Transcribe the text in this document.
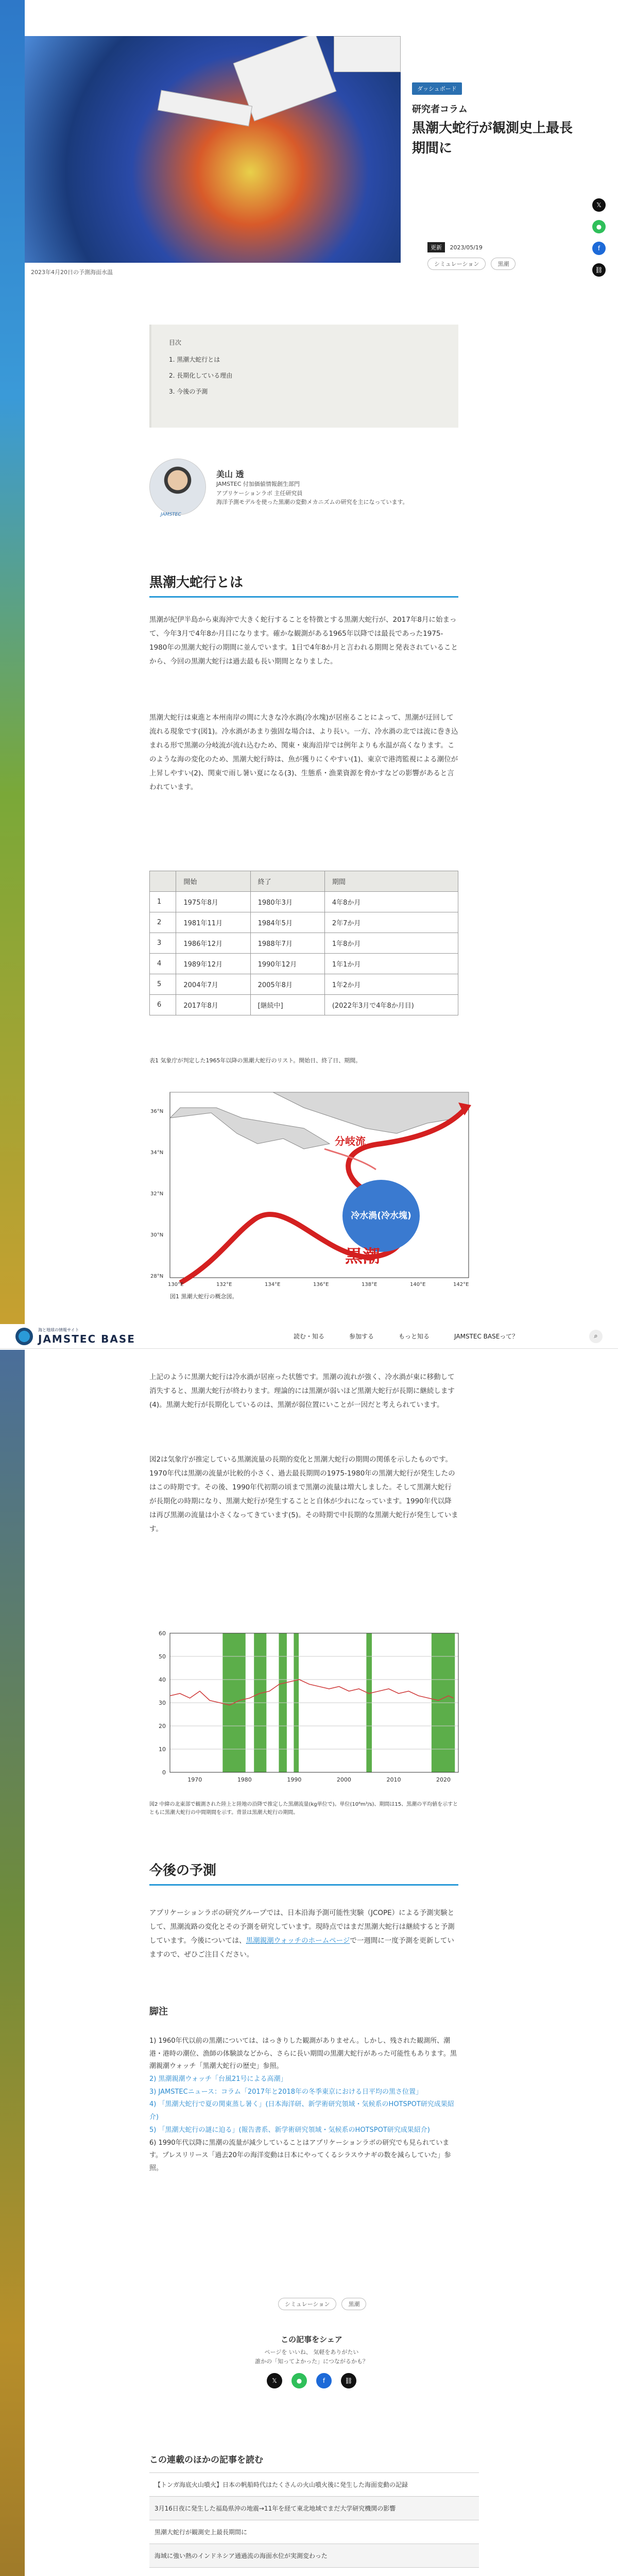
2023年4月20日の予測海面水温
ダッシュボード
研究者コラム
黒潮大蛇行が観測史上最長期間に
更新 2023/05/19
シミュレーション	黒潮
𝕏
●
f
⛓
目次
1. 黒潮大蛇行とは
2. 長期化している理由
3. 今後の予測
美山 透

JAMSTEC 付加価値情報創生部門

アプリケーションラボ 主任研究員

海洋予測モデルを使った黒潮の変動メカニズムの研究を主になっています。

JAMSTEC
黒潮大蛇行とは

黒潮が紀伊半島から東海沖で大きく蛇行することを特徴とする黒潮大蛇行が、2017年8月に始まって、今年3月で4年8か月目になります。確かな観測がある1965年以降では最長であった1975-1980年の黒潮大蛇行の期間に並んでいます。1日で4年8か月と言われる期間と発表されていることから、今回の黒潮大蛇行は過去最も長い期間となりました。

黒潮大蛇行は東進と本州南岸の間に大きな冷水渦(冷水塊)が居座ることによって、黒潮が迂回して流れる現象です(図1)。冷水渦があまり強固な場合は、より長い。一方、冷水渦の北では流に巻き込まれる形で黒潮の分岐流が流れ込むため、関東・東海沿岸では例年よりも水温が高くなります。このような海の変化のため、黒潮大蛇行時は、魚が獲りにくやすい(1)、東京で港湾監視による潮位が上昇しやすい(2)、関東で雨し暑い夏になる(3)、生態系・漁業資源を脅かすなどの影響があると言われています。

	開始	終了	期間
1	1975年8月	1980年3月	4年8か月
2	1981年11月	1984年5月	2年7か月
3	1986年12月	1988年7月	1年8か月
4	1989年12月	1990年12月	1年1か月
5	2004年7月	2005年8月	1年2か月
6	2017年8月	[継続中]	(2022年3月で4年8か月目)
表1 気象庁が判定した1965年以降の黒潮大蛇行のリスト。開始日、終了日、期間。
分岐流
冷水渦(冷水塊)
黒潮
36°N
34°N
32°N
30°N
28°N
130°E	132°E	134°E	136°E	138°E	140°E	142°E
図1 黒潮大蛇行の概念図。
海と地球の情報サイト
JAMSTEC BASE	読む・知る	参加する	もっと知る	JAMSTEC BASEって？	⌕

上記のように黒潮大蛇行は冷水渦が居座った状態です。黒潮の流れが強く、冷水渦が東に移動して消失すると、黒潮大蛇行が終わります。理論的には黒潮が弱いほど黒潮大蛇行が長期に継続します(4)。黒潮大蛇行が長期化しているのは、黒潮が弱位置にいことが一因だと考えられています。

図2は気象庁が推定している黒潮流量の長期的変化と黒潮大蛇行の期間の関係を示したものです。1970年代は黒潮の流量が比較的小さく、過去最長期間の1975-1980年の黒潮大蛇行が発生したのはこの時期です。その後、1990年代初期の頃まで黒潮の流量は増大しました。そして黒潮大蛇行が長期化の時期になり、黒潮大蛇行が発生することと自体が少れになっています。1990年代以降は再び黒潮の流量は小さくなってきています(5)。その時期で中長期的な黒潮大蛇行が発生しています。

0
10
20
30
40
50
60
1970	1980	1990	2000	2010	2020
図2 中緯の北東部で観測された陸上と陸地の沿降で推定した黒潮流量(kg単位で)。単位(10⁶m³/s)、期間は15、黒潮の平均値を示すとともに黒潮大蛇行の中間期間を示す。背景は黒潮大蛇行の期間。
今後の予測

アプリケーションラボの研究グループでは、日本沿海予測可能性実験（JCOPE）による予測実験として、黒潮流路の変化とその予測を研究しています。現時点ではまだ黒潮大蛇行は継続すると予測しています。今後については、黒潮親潮ウォッチのホームページで一週間に一度予測を更新していますので、ぜひご注目ください。

脚注

1) 1960年代以前の黒潮については、はっきりした観測がありません。しかし、残された観測所、潮港・港時の潮位、漁師の体験談などから、さらに長い期間の黒潮大蛇行があった可能性もあります。黒潮親潮ウォッチ「黒潮大蛇行の歴史」参照。

2) 黒潮親潮ウォッチ「台風21号による高潮」

3) JAMSTECニュース：コラム「2017年と2018年の冬季東京における日平均の黒さ位置」

4) 「黒潮大蛇行で夏の関東蒸し暑く」(日本海洋研、新学術研究領域・気候系のHOTSPOT研究成果紹介)

5) 「黒潮大蛇行の謎に迫る」(報告書系、新学術研究領域・気候系のHOTSPOT研究成果紹介)

6) 1990年代以降に黒潮の流量が減少していることはアプリケーションラボの研究でも見られています。プレスリリース「過去20年の海洋変動は日本にやってくるシラスウナギの数を減らしていた」参照。

シミュレーション	黒潮
この記事をシェア

ページを いいね、 気軽をありがたい

誰かの「知ってよかった」につながるかも？

𝕏	●	f	⛓
この連載のほかの記事を読む
【トンガ海底火山噴火】日本の帆船時代はたくさんの火山噴火後に発生した海面変動の記録
3月16日夜に発生した福島県沖の地震→11年を経て東北地域でまだ大学研究機関の影響
黒潮大蛇行が観測史上最長期間に
海域に強い熱のインドネシア通過流の海面水位が実測変わった
